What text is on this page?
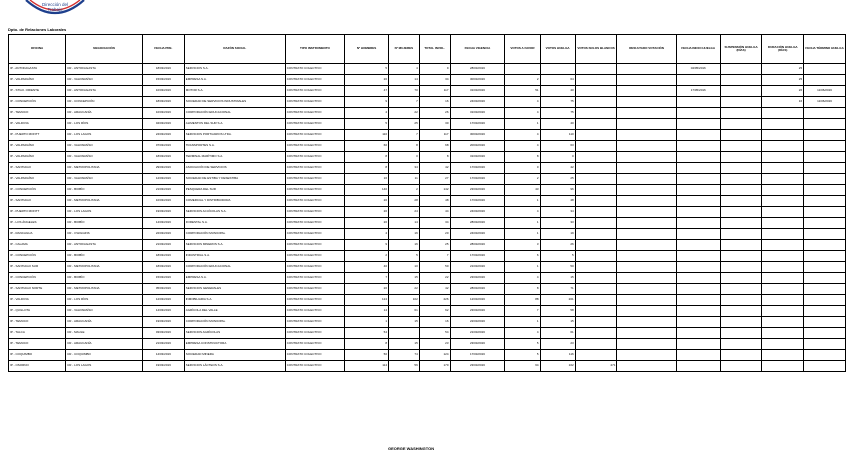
Dirección del
Trabajo
Dpto. de Relaciones Laborales
OFICINA	NEGOCIACIÓN	FECHA PRE.	RAZÓN SOCIAL	TIPO INSTRUMENTO	Nº HOMBRES	Nº MUJERES	TOTAL INVOL.	FECHA VIGENCIA	VOTOS A FAVOR	VOTOS HUELGA	VOTOS NULOS BLANCOS	RESULTADO VOTACIÓN	FECHA INICIO HUELGA	SUSPENSIÓN HUELGA (DÍAS)	DURACIÓN HUELGA (DÍAS)	FECHA TÉRMINO HUELGA
IP - ANTOFAGASTA	CR - ANTOFAGASTA	18/03/2016	SERVICIOS S.A.	CONTRATO COLECTIVO	5	4	9	28/03/2016					04/05/2016		25	
IP - VALPARAÍSO	CR - VALPARAÍSO	15/03/2016	EMPRESA S.A.	CONTRATO COLECTIVO	20	14	34	30/03/2016	2	64					25	
IP - STGO. ORIENTE	CR - ANTOFAGASTA	10/03/2016	MOTOR S.A.	CONTRATO COLECTIVO	47	70	117	31/03/2016	51	40			17/05/2016		26	11/06/2016
IP - CONCEPCIÓN	CR - CONCEPCIÓN	18/03/2016	SOCIEDAD DE SERVICIOS INDUSTRIALES	CONTRATO COLECTIVO	9	7	16	24/03/2016	4	75					16	11/06/2016
IP - TEMUCO	CR - ARAUCANÍA	10/03/2016	CORPORACIÓN EDUCACIONAL	CONTRATO COLECTIVO	4	22	26	31/03/2016	4	75						
IP - VALDIVIA	CR - LOS RÍOS	04/03/2016	ALIMENTOS DEL SUR S.A.	CONTRATO COLECTIVO	5	25	30	17/03/2016	1	40						
IP - PUERTO MONTT	CR - LOS LAGOS	24/03/2016	SERVICIOS PORTUARIOS LTDA.	CONTRATO COLECTIVO	110	7	117	30/03/2016	4	110						
IP - VALPARAÍSO	CR - VALPARAÍSO	07/03/2016	TRANSPORTES S.A.	CONTRATO COLECTIVO	60	8	68	20/03/2016	4	63						
IP - VALPARAÍSO	CR - VALPARAÍSO	18/03/2016	TERMINAL MARÍTIMO S.A.	CONTRATO COLECTIVO	8	0	8	31/03/2016	8	0						
IP - SANTIAGO	CR - METROPOLITANA	29/03/2016	ASOCIACIÓN DE SERVICIOS	CONTRATO COLECTIVO	8	34	42	17/03/2016	0	42						
IP - VALPARAÍSO	CR - VALPARAÍSO	12/03/2016	SOCIEDAD DE ESTIBA Y DESESTIBA	CONTRATO COLECTIVO	16	11	27	17/03/2016	2	25						
IP - CONCEPCIÓN	CR - BIOBÍO	21/03/2016	PESQUERA DEL SUR	CONTRATO COLECTIVO	140	2	142	23/03/2016	43	96						
IP - SANTIAGO	CR - METROPOLITANA	10/03/2016	COMERCIAL Y DISTRIBUIDORA	CONTRATO COLECTIVO	20	28	48	17/03/2016	1	48						
IP - PUERTO MONTT	CR - LOS LAGOS	19/03/2016	SERVICIOS ACUÍCOLAS S.A.	CONTRATO COLECTIVO	20	24	44	24/03/2016	4	34						
IP - LOS ÁNGELES	CR - BIOBÍO	14/03/2016	FORESTAL S.A.	CONTRATO COLECTIVO	20	14	34	28/03/2016	1	33						
IP - RANCAGUA	CR - O'HIGGINS	22/03/2016	CORPORACIÓN MUNICIPAL	CONTRATO COLECTIVO	4	16	20	24/03/2016	1	19						
IP - CALAMA	CR - ANTOFAGASTA	21/03/2016	SERVICIOS MINEROS S.A.	CONTRATO COLECTIVO	9	16	25	28/03/2016	3	26						
IP - CONCEPCIÓN	CR - BIOBÍO	18/03/2016	INDUSTRIAL S.A.	CONTRATO COLECTIVO	2	5	7	17/03/2016	6	5						
IP - SANTIAGO SUR	CR - METROPOLITANA	18/03/2016	CORPORACIÓN EDUCACIONAL	CONTRATO COLECTIVO	40	10	50	21/03/2016	1	50						
IP - CONCEPCIÓN	CR - BIOBÍO	15/03/2016	EMPRESA S.A.	CONTRATO COLECTIVO	7	15	22	23/03/2016	4	15						
IP - SANTIAGO NORTE	CR - METROPOLITANA	05/03/2016	SERVICIOS GENERALES	CONTRATO COLECTIVO	20	22	42	28/03/2016	8	71						
IP - VALDIVIA	CR - LOS RÍOS	12/03/2016	INMOBILIARIA S.A.	CONTRATO COLECTIVO	124	102	226	12/03/2016	88	201						
IP - QUILLOTA	CR - VALPARAÍSO	14/03/2016	AGRÍCOLA DEL VALLE	CONTRATO COLECTIVO	14	61	62	23/03/2016	7	58						
IP - TEMUCO	CR - ARAUCANÍA	19/03/2016	CORPORACIÓN MUNICIPAL	CONTRATO COLECTIVO	1	15	16	22/03/2016	1	15						
IP - TALCA	CR - MAULE	03/03/2016	SERVICIOS AGRÍCOLAS	CONTRATO COLECTIVO	54		54	21/03/2016	4	61						
IP - TEMUCO	CR - ARAUCANÍA	21/03/2016	EMPRESA CONSTRUCTORA	CONTRATO COLECTIVO	8	15	23	23/03/2016	5	23						
IP - COQUIMBO	CR - COQUIMBO	14/03/2016	SOCIEDAD MINERA	CONTRATO COLECTIVO	50	74	124	17/03/2016	5	116						
IP - OSORNO	CR - LOS LAGOS	19/03/2016	SERVICIOS LÁCTEOS S.A.	CONTRATO COLECTIVO	114	56	170	23/03/2016	64	102	471					
GEORGE WASHINGTON
